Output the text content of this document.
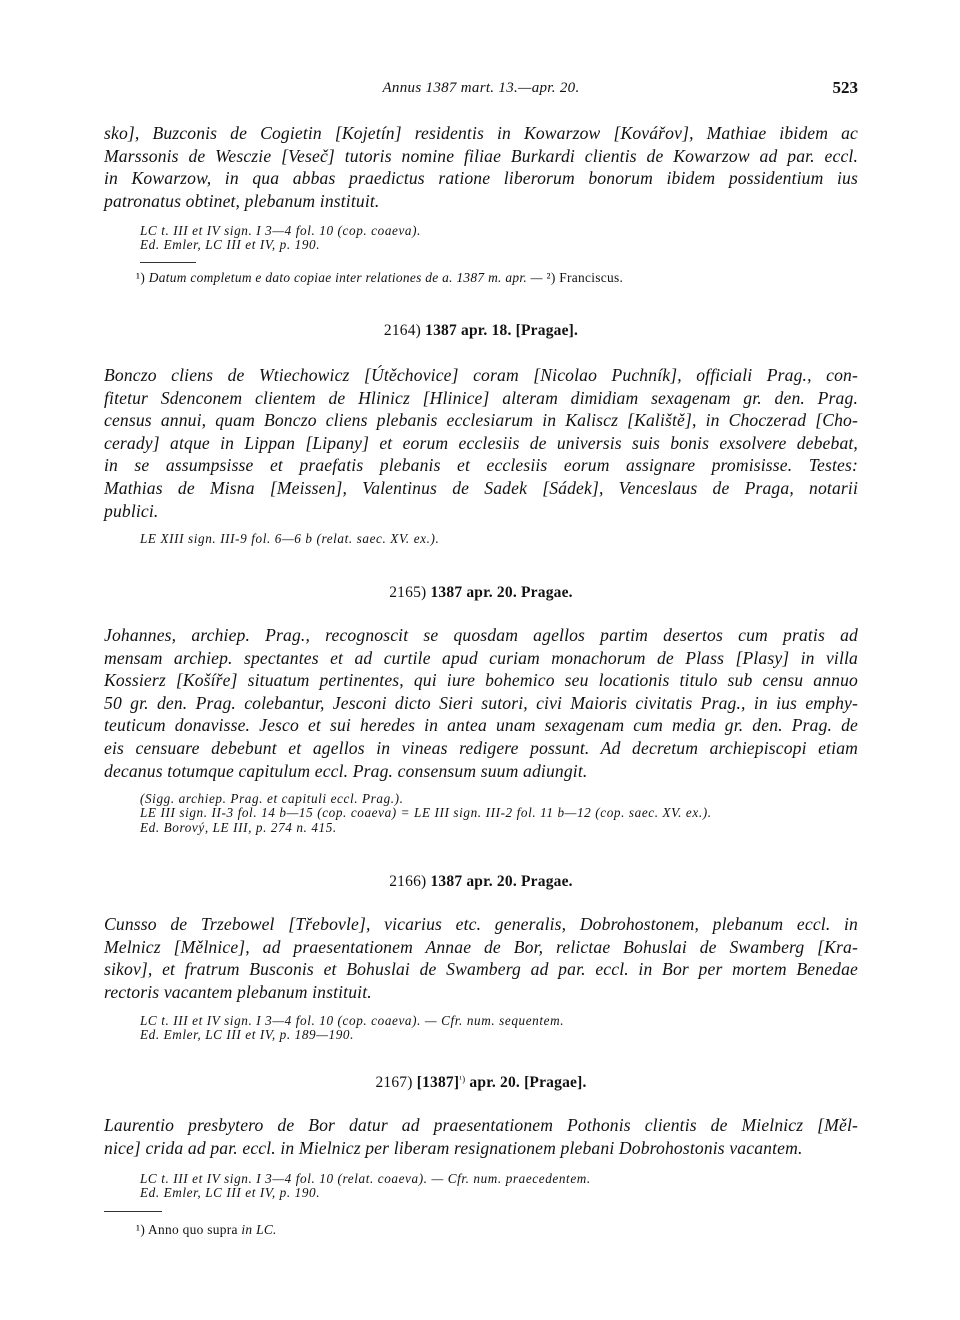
Annus 1387 mart. 13.—apr. 20.	523
sko], Buzconis de Cogietin [Kojetín] residentis in Kowarzow [Kovářov], Mathiae ibidem ac
Marssonis de Wesczie [Veseč] tutoris nomine filiae Burkardi clientis de Kowarzow ad par. eccl.
in Kowarzow, in qua abbas praedictus ratione liberorum bonorum ibidem possidentium ius
patronatus obtinet, plebanum instituit.
LC t. III et IV sign. I 3—4 fol. 10 (cop. coaeva).
Ed. Emler, LC III et IV, p. 190.
¹) Datum completum e dato copiae inter relationes de a. 1387 m. apr. — ²) Franciscus.
2164) 1387 apr. 18. [Pragae].
Bonczo cliens de Wtiechowicz [Útěchovice] coram [Nicolao Puchník], officiali Prag., con-
fitetur Sdenconem clientem de Hlinicz [Hlinice] alteram dimidiam sexagenam gr. den. Prag.
census annui, quam Bonczo cliens plebanis ecclesiarum in Kaliscz [Kaliště], in Choczerad [Cho-
cerady] atque in Lippan [Lipany] et eorum ecclesiis de universis suis bonis exsolvere debebat,
in se assumpsisse et praefatis plebanis et ecclesiis eorum assignare promisisse. Testes:
Mathias de Misna [Meissen], Valentinus de Sadek [Sádek], Venceslaus de Praga, notarii
publici.
LE XIII sign. III-9 fol. 6—6 b (relat. saec. XV. ex.).
2165) 1387 apr. 20. Pragae.
Johannes, archiep. Prag., recognoscit se quosdam agellos partim desertos cum pratis ad
mensam archiep. spectantes et ad curtile apud curiam monachorum de Plass [Plasy] in villa
Kossierz [Košíře] situatum pertinentes, qui iure bohemico seu locationis titulo sub censu annuo
50 gr. den. Prag. colebantur, Jesconi dicto Sieri sutori, civi Maioris civitatis Prag., in ius emphy-
teuticum donavisse. Jesco et sui heredes in antea unam sexagenam cum media gr. den. Prag. de
eis censuare debebunt et agellos in vineas redigere possunt. Ad decretum archiepiscopi etiam
decanus totumque capitulum eccl. Prag. consensum suum adiungit.
(Sigg. archiep. Prag. et capituli eccl. Prag.).
LE III sign. II-3 fol. 14 b—15 (cop. coaeva) = LE III sign. III-2 fol. 11 b—12 (cop. saec. XV. ex.).
Ed. Borový, LE III, p. 274 n. 415.
2166) 1387 apr. 20. Pragae.
Cunsso de Trzebowel [Třebovle], vicarius etc. generalis, Dobrohostonem, plebanum eccl. in
Melnicz [Mělnice], ad praesentationem Annae de Bor, relictae Bohuslai de Swamberg [Kra-
sikov], et fratrum Busconis et Bohuslai de Swamberg ad par. eccl. in Bor per mortem Benedae
rectoris vacantem plebanum instituit.
LC t. III et IV sign. I 3—4 fol. 10 (cop. coaeva). — Cfr. num. sequentem.
Ed. Emler, LC III et IV, p. 189—190.
2167) $[1387]^{^1)}$ apr. 20. [Pragae].
Laurentio presbytero de Bor datur ad praesentationem Pothonis clientis de Mielnicz [Měl-
nice] crida ad par. eccl. in Mielnicz per liberam resignationem plebani Dobrohostonis vacantem.
LC t. III et IV sign. I 3—4 fol. 10 (relat. coaeva). — Cfr. num. praecedentem.
Ed. Emler, LC III et IV, p. 190.
¹) Anno quo supra in LC.
